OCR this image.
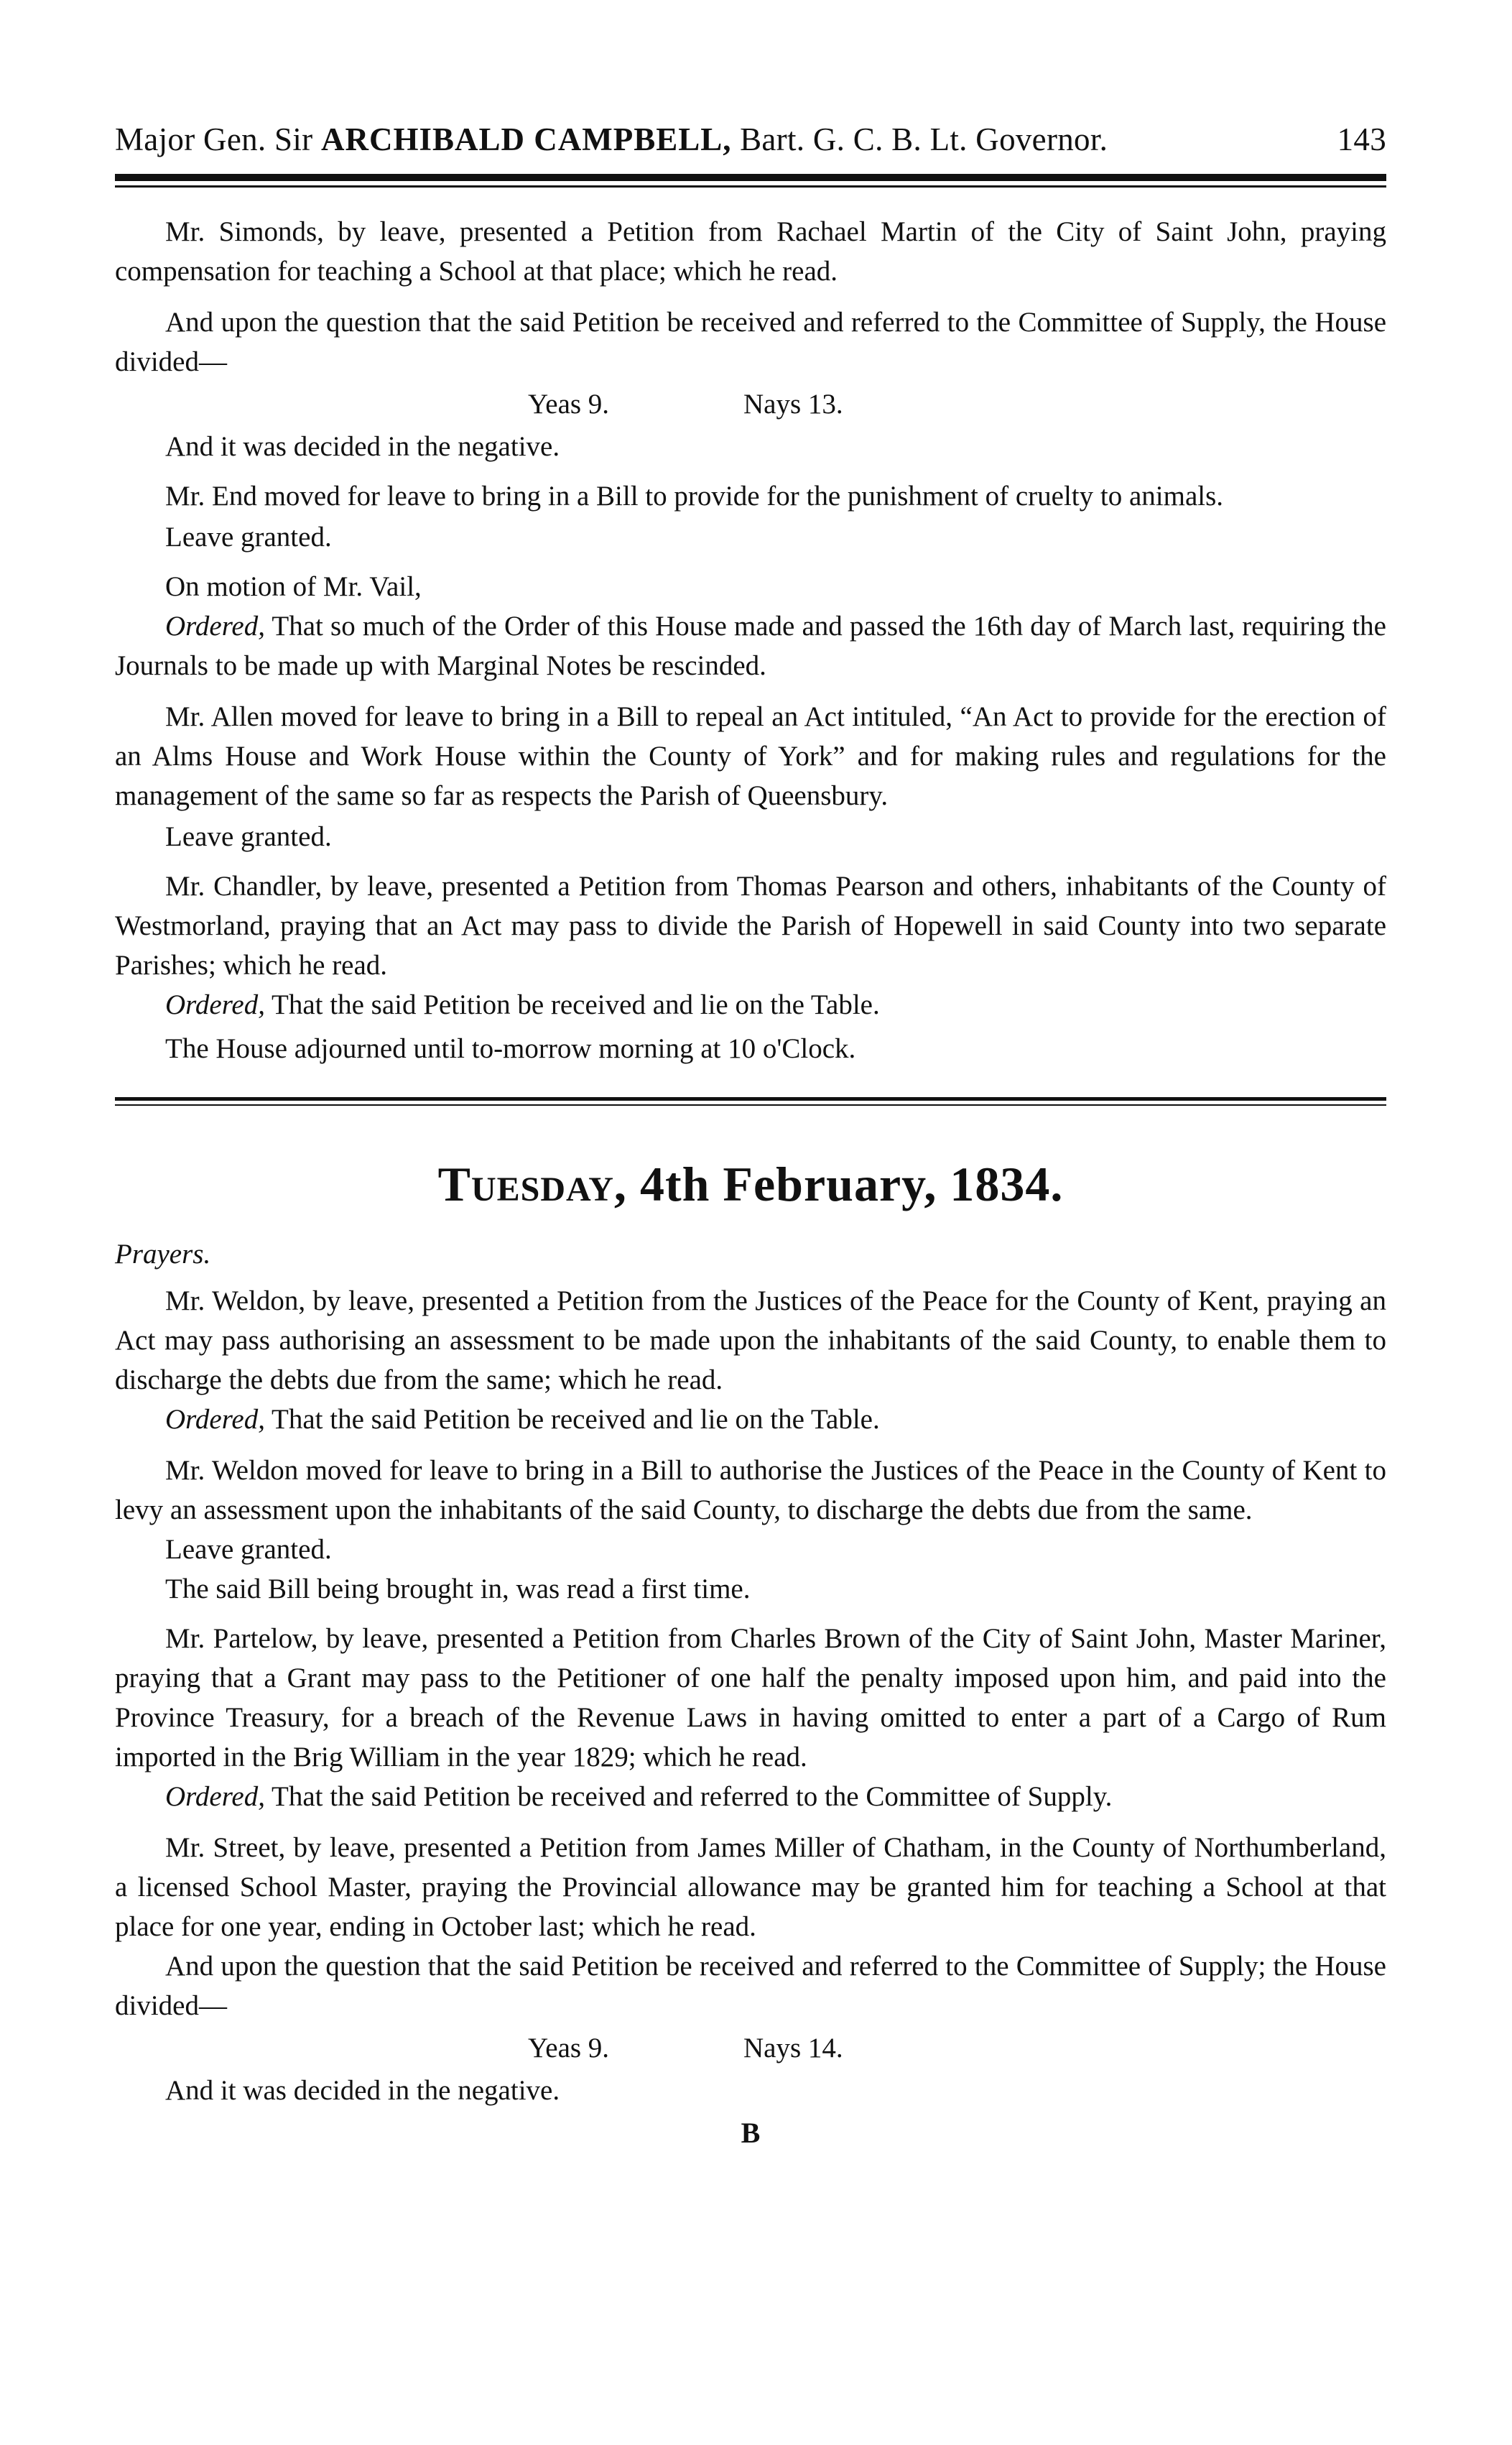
Major Gen. Sir ARCHIBALD CAMPBELL, Bart. G. C. B. Lt. Governor.	143

Mr. Simonds, by leave, presented a Petition from Rachael Martin of the City of Saint John, praying compensation for teaching a School at that place; which he read.

And upon the question that the said Petition be received and referred to the Committee of Supply, the House divided—

Yeas 9.	Nays 13.
And it was decided in the negative.

Mr. End moved for leave to bring in a Bill to provide for the punishment of cruelty to animals.

Leave granted.
On motion of Mr. Vail,

Ordered, That so much of the Order of this House made and passed the 16th day of March last, requiring the Journals to be made up with Marginal Notes be rescinded.

Mr. Allen moved for leave to bring in a Bill to repeal an Act intituled, “An Act to provide for the erection of an Alms House and Work House within the County of York” and for making rules and regulations for the management of the same so far as respects the Parish of Queensbury.

Leave granted.

Mr. Chandler, by leave, presented a Petition from Thomas Pearson and others, inhabitants of the County of Westmorland, praying that an Act may pass to divide the Parish of Hopewell in said County into two separate Parishes; which he read.

Ordered, That the said Petition be received and lie on the Table.

The House adjourned until to-morrow morning at 10 o'Clock.
Tuesday, 4th February, 1834.
Prayers.

Mr. Weldon, by leave, presented a Petition from the Justices of the Peace for the County of Kent, praying an Act may pass authorising an assessment to be made upon the inhabitants of the said County, to enable them to discharge the debts due from the same; which he read.

Ordered, That the said Petition be received and lie on the Table.

Mr. Weldon moved for leave to bring in a Bill to authorise the Justices of the Peace in the County of Kent to levy an assessment upon the inhabitants of the said County, to discharge the debts due from the same.

Leave granted.
The said Bill being brought in, was read a first time.

Mr. Partelow, by leave, presented a Petition from Charles Brown of the City of Saint John, Master Mariner, praying that a Grant may pass to the Petitioner of one half the penalty imposed upon him, and paid into the Province Treasury, for a breach of the Revenue Laws in having omitted to enter a part of a Cargo of Rum imported in the Brig William in the year 1829; which he read.

Ordered, That the said Petition be received and referred to the Committee of Supply.

Mr. Street, by leave, presented a Petition from James Miller of Chatham, in the County of Northumberland, a licensed School Master, praying the Provincial allowance may be granted him for teaching a School at that place for one year, ending in October last; which he read.

And upon the question that the said Petition be received and referred to the Committee of Supply; the House divided—

Yeas 9.	Nays 14.
And it was decided in the negative.
B
